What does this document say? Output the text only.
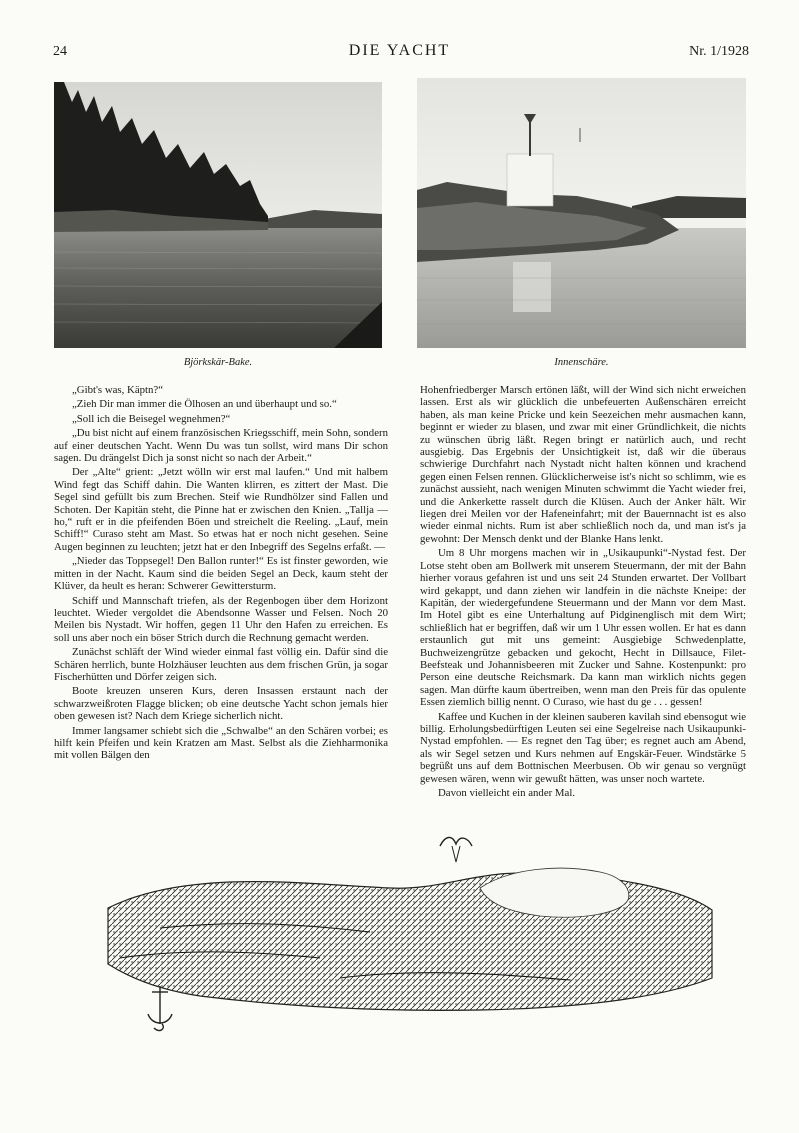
24	DIE YACHT	Nr. 1/1928
Björkskär-Bake.	Innenschäre.

„Gibt's was, Käptn?“

„Zieh Dir man immer die Ölhosen an und überhaupt und so.“

„Soll ich die Beisegel wegnehmen?“

„Du bist nicht auf einem französischen Kriegsschiff, mein Sohn, sondern auf einer deutschen Yacht. Wenn Du was tun sollst, wird mans Dir schon sagen. Du drängelst Dich ja sonst nicht so nach der Arbeit.“

Der „Alte“ grient: „Jetzt wölln wir erst mal laufen.“ Und mit halbem Wind fegt das Schiff dahin. Die Wanten klirren, es zittert der Mast. Die Segel sind gefüllt bis zum Brechen. Steif wie Rundhölzer sind Fallen und Schoten. Der Kapitän steht, die Pinne hat er zwischen den Knien. „Tallja — ho,“ ruft er in die pfeifenden Böen und streichelt die Reeling. „Lauf, mein Schiff!“ Curaso steht am Mast. So etwas hat er noch nicht gesehen. Seine Augen beginnen zu leuchten; jetzt hat er den Inbegriff des Segelns erfaßt. —

„Nieder das Toppsegel! Den Ballon runter!“ Es ist finster geworden, wie mitten in der Nacht. Kaum sind die beiden Segel an Deck, kaum steht der Klüver, da heult es heran: Schwerer Gewittersturm.

Schiff und Mannschaft triefen, als der Regenbogen über dem Horizont leuchtet. Wieder vergoldet die Abendsonne Wasser und Felsen. Noch 20 Meilen bis Nystadt. Wir hoffen, gegen 11 Uhr den Hafen zu erreichen. Es soll uns aber noch ein böser Strich durch die Rechnung gemacht werden.

Zunächst schläft der Wind wieder einmal fast völlig ein. Dafür sind die Schären herrlich, bunte Holzhäuser leuchten aus dem frischen Grün, ja sogar Fischerhütten und Dörfer zeigen sich.

Boote kreuzen unseren Kurs, deren Insassen erstaunt nach der schwarzweißroten Flagge blicken; ob eine deutsche Yacht schon jemals hier oben gewesen ist? Nach dem Kriege sicherlich nicht.

Immer langsamer schiebt sich die „Schwalbe“ an den Schären vorbei; es hilft kein Pfeifen und kein Kratzen am Mast. Selbst als die Ziehharmonika mit vollen Bälgen den

Hohenfriedberger Marsch ertönen läßt, will der Wind sich nicht erweichen lassen. Erst als wir glücklich die unbefeuerten Außenschären erreicht haben, als man keine Pricke und kein Seezeichen mehr ausmachen kann, beginnt er wieder zu blasen, und zwar mit einer Gründlichkeit, die nichts zu wünschen übrig läßt. Regen bringt er natürlich auch, und recht ausgiebig. Das Ergebnis der Unsichtigkeit ist, daß wir die überaus schwierige Durchfahrt nach Nystadt nicht halten können und krachend gegen einen Felsen rennen. Glücklicherweise ist's nicht so schlimm, wie es zunächst aussieht, nach wenigen Minuten schwimmt die Yacht wieder frei, und die Ankerkette rasselt durch die Klüsen. Auch der Anker hält. Wir liegen drei Meilen vor der Hafeneinfahrt; mit der Bauernnacht ist es also wieder einmal nichts. Rum ist aber schließlich noch da, und man ist's ja gewohnt: Der Mensch denkt und der Blanke Hans lenkt.

Um 8 Uhr morgens machen wir in „Usikaupunki“-Nystad fest. Der Lotse steht oben am Bollwerk mit unserem Steuermann, der mit der Bahn hierher voraus gefahren ist und uns seit 24 Stunden erwartet. Der Vollbart wird gekappt, und dann ziehen wir landfein in die nächste Kneipe: der Kapitän, der wiedergefundene Steuermann und der Mann vor dem Mast. Im Hotel gibt es eine Unterhaltung auf Pidginenglisch mit dem Wirt; schließlich hat er begriffen, daß wir um 1 Uhr essen wollen. Er hat es dann erstaunlich gut mit uns gemeint: Ausgiebige Schwedenplatte, Buchweizengrütze gebacken und gekocht, Hecht in Dillsauce, Filet-Beefsteak und Johannisbeeren mit Zucker und Sahne. Kostenpunkt: pro Person eine deutsche Reichsmark. Da kann man wirklich nichts gegen sagen. Man dürfte kaum übertreiben, wenn man den Preis für das opulente Essen ziemlich billig nennt. O Curaso, wie hast du ge . . . gessen!

Kaffee und Kuchen in der kleinen sauberen kavilah sind ebensogut wie billig. Erholungsbedürftigen Leuten sei eine Segelreise nach Usikaupunki-Nystad empfohlen. — Es regnet den Tag über; es regnet auch am Abend, als wir Segel setzen und Kurs nehmen auf Engskär-Feuer. Windstärke 5 begrüßt uns auf dem Bottnischen Meerbusen. Ob wir genau so vergnügt gewesen wären, wenn wir gewußt hätten, was unser noch wartete.

Davon vielleicht ein ander Mal.
